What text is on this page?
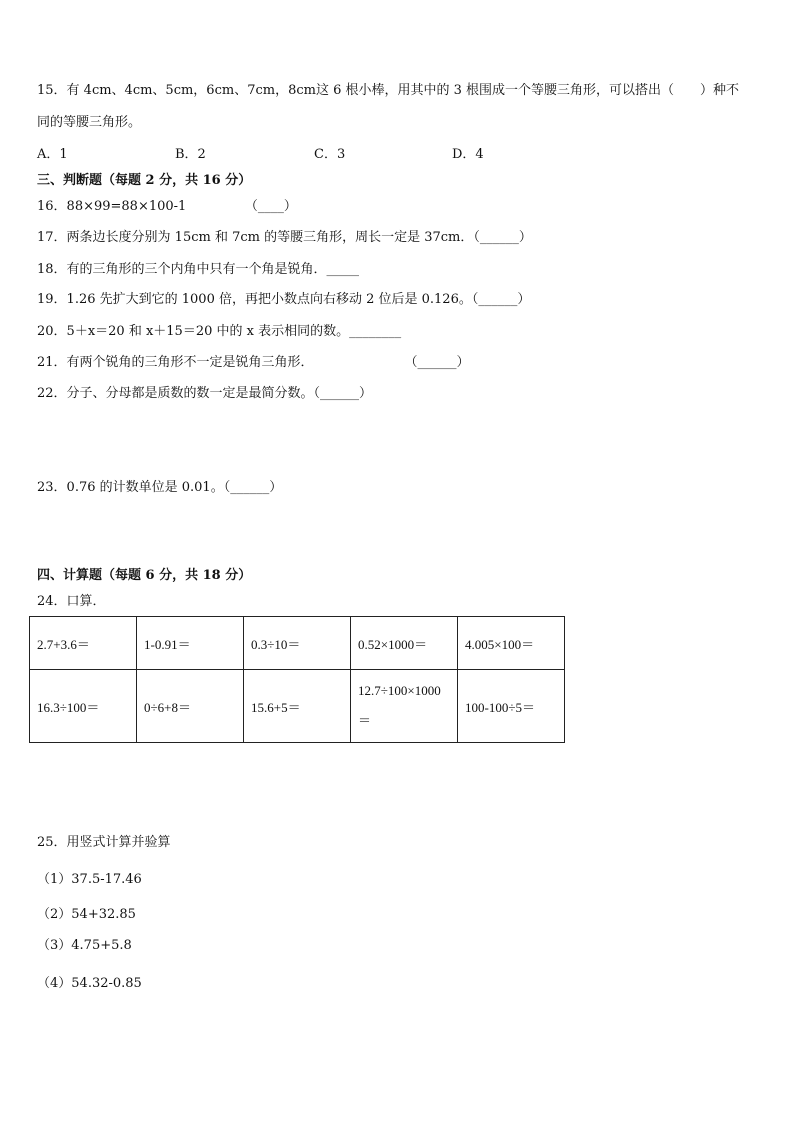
15．有 4cm、4cm、5cm，6cm、7cm，8cm这 6 根小棒，用其中的 3 根围成一个等腰三角形，可以搭出（　　）种不
同的等腰三角形。
A．1	B．2	C．3	D．4
三、判断题（每题 2 分，共 16 分）
16．88×99=88×100-1　　　　　（____）
17．两条边长度分别为 15cm 和 7cm 的等腰三角形，周长一定是 37cm．（______）
18．有的三角形的三个内角中只有一个角是锐角．_____
19．1.26 先扩大到它的 1000 倍，再把小数点向右移动 2 位后是 0.126。（______）
20．5＋x＝20 和 x＋15＝20 中的 x 表示相同的数。________
21．有两个锐角的三角形不一定是锐角三角形．　　　　　　　　（______）
22．分子、分母都是质数的数一定是最简分数。（______）
23．0.76 的计数单位是 0.01。（______）
四、计算题（每题 6 分，共 18 分）
24．口算．
2.7+3.6＝	1-0.91＝	0.3÷10＝	0.52×1000＝	4.005×100＝
16.3÷100＝	0÷6+8＝	15.6+5＝	12.7÷100×1000＝	100-100÷5＝
25．用竖式计算并验算
（1）37.5-17.46
（2）54+32.85
（3）4.75+5.8
（4）54.32-0.85
